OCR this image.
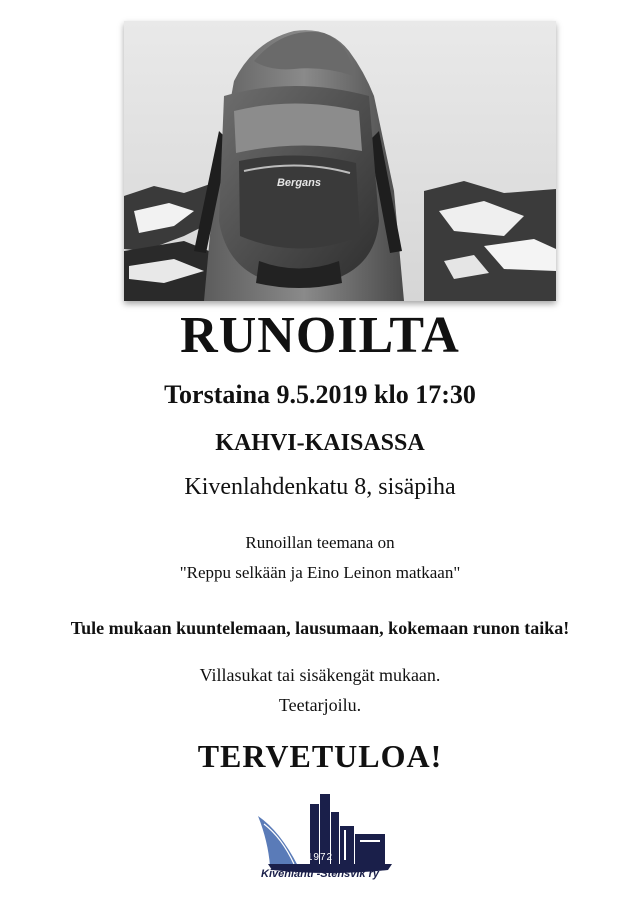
Bergans
RUNOILTA
Torstaina 9.5.2019 klo 17:30
KAHVI-KAISASSA
Kivenlahdenkatu 8, sisäpiha
Runoillan teemana on
"Reppu selkään ja Eino Leinon matkaan"
Tule mukaan kuuntelemaan, lausumaan, kokemaan runon taika!
Villasukat tai sisäkengät mukaan.
Teetarjoilu.
TERVETULOA!
1972
Kivenlahti -Stensvik ry
